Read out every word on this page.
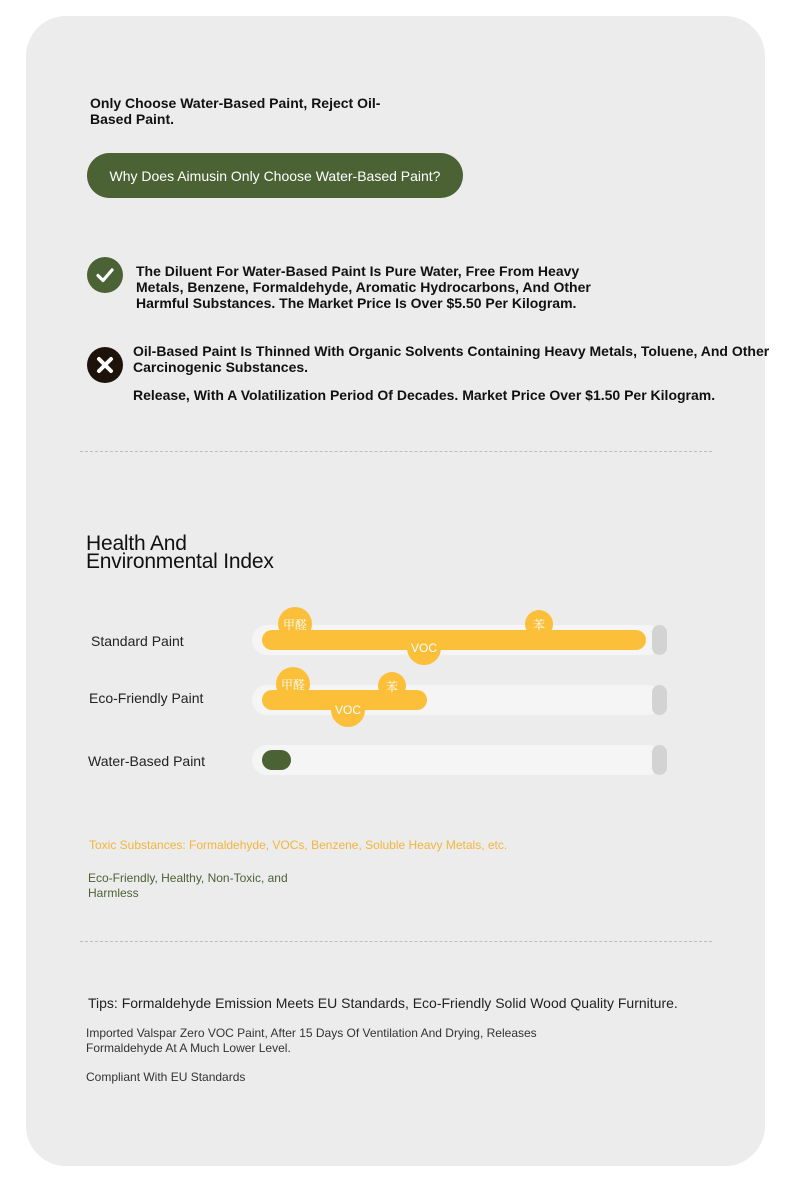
Only Choose Water-Based Paint, Reject Oil-Based Paint.
Why Does Aimusin Only Choose Water-Based Paint?
The Diluent For Water-Based Paint Is Pure Water, Free From Heavy Metals, Benzene, Formaldehyde, Aromatic Hydrocarbons, And Other Harmful Substances. The Market Price Is Over $5.50 Per Kilogram.
Oil-Based Paint Is Thinned With Organic Solvents Containing Heavy Metals, Toluene, And Other Carcinogenic Substances.
Release, With A Volatilization Period Of Decades. Market Price Over $1.50 Per Kilogram.
Health And Environmental Index
Standard Paint
甲醛	苯
VOC
Eco-Friendly Paint
甲醛	苯
VOC
Water-Based Paint
Toxic Substances: Formaldehyde, VOCs, Benzene, Soluble Heavy Metals, etc.
Eco-Friendly, Healthy, Non-Toxic, and Harmless
Tips: Formaldehyde Emission Meets EU Standards, Eco-Friendly Solid Wood Quality Furniture.
Imported Valspar Zero VOC Paint, After 15 Days Of Ventilation And Drying, Releases Formaldehyde At A Much Lower Level.
Compliant With EU Standards
